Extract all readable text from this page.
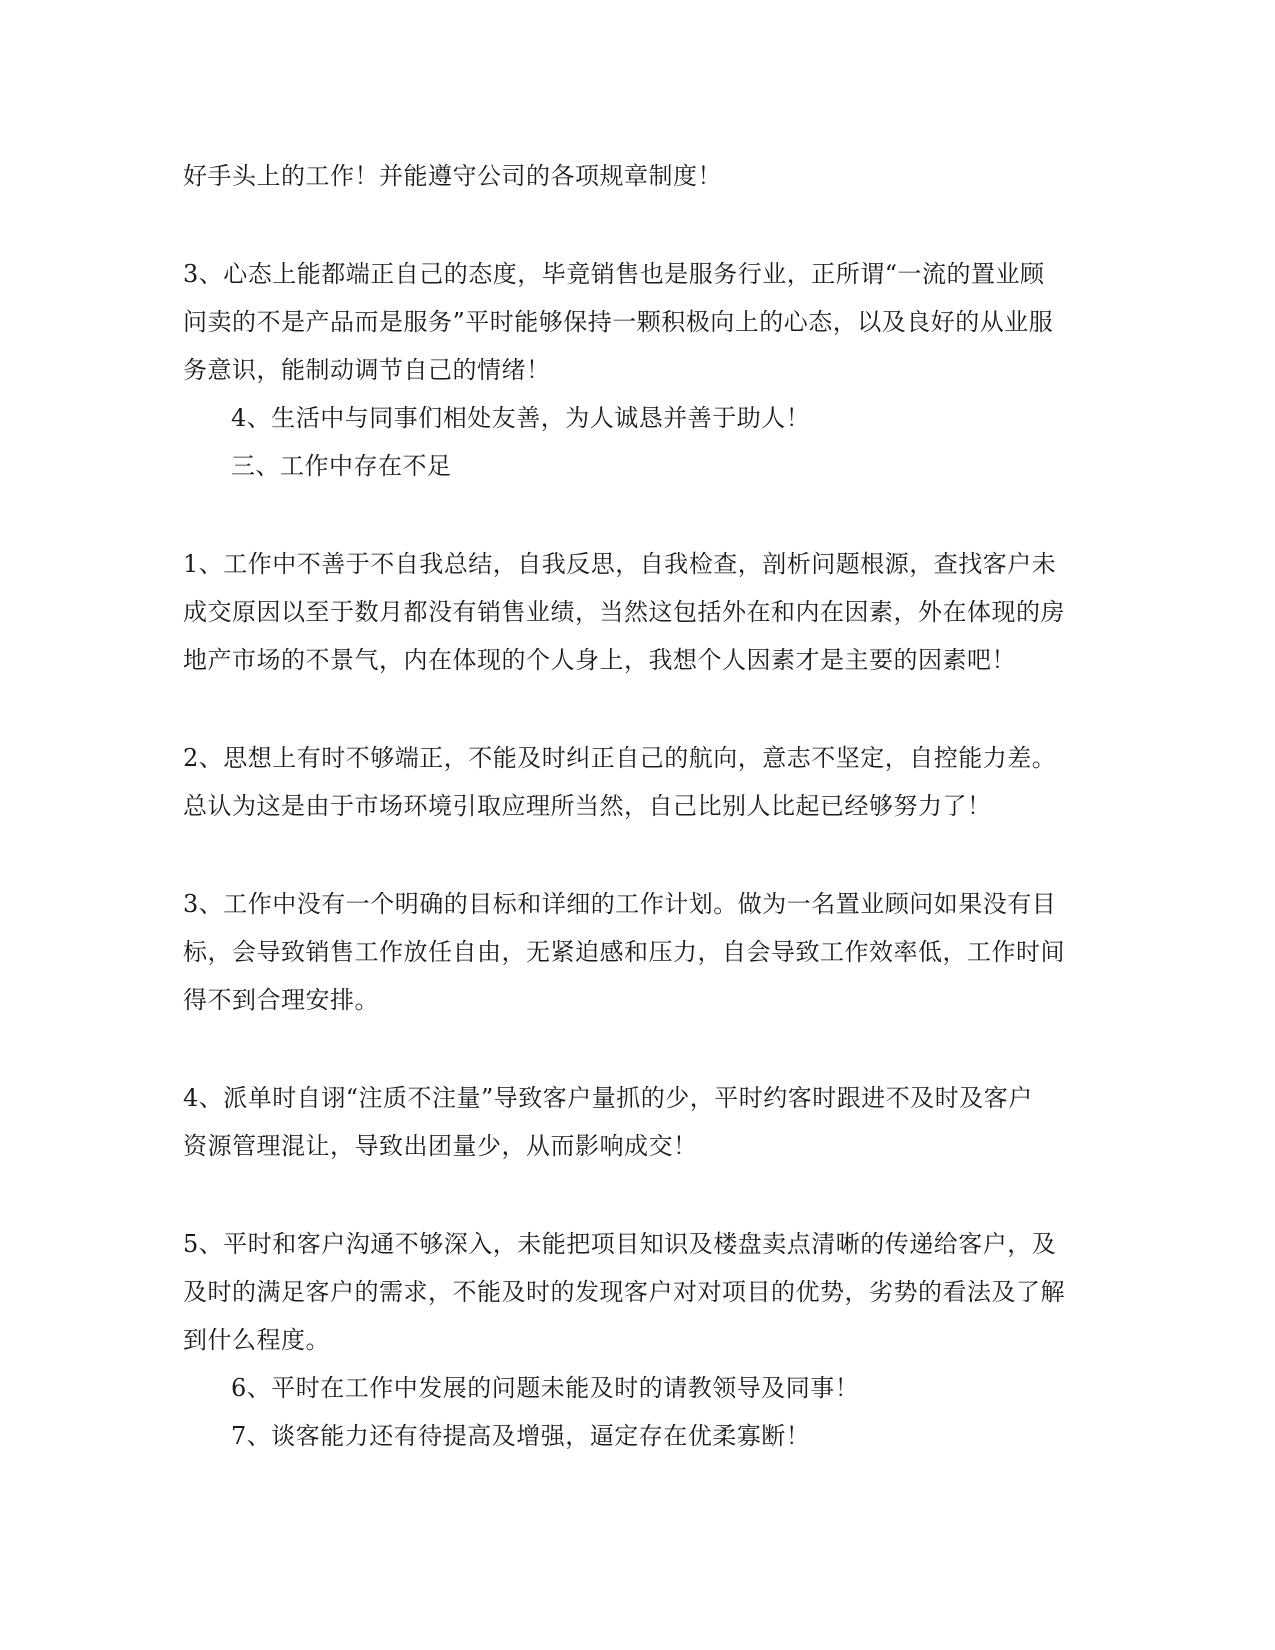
好手头上的工作！并能遵守公司的各项规章制度！

3、心态上能都端正自己的态度，毕竟销售也是服务行业，正所谓“一流的置业顾
问卖的不是产品而是服务”平时能够保持一颗积极向上的心态，以及良好的从业服
务意识，能制动调节自己的情绪！

4、生活中与同事们相处友善，为人诚恳并善于助人！

三、工作中存在不足

1、工作中不善于不自我总结，自我反思，自我检查，剖析问题根源，查找客户未
成交原因以至于数月都没有销售业绩，当然这包括外在和内在因素，外在体现的房
地产市场的不景气，内在体现的个人身上，我想个人因素才是主要的因素吧！

2、思想上有时不够端正，不能及时纠正自己的航向，意志不坚定，自控能力差。
总认为这是由于市场环境引取应理所当然，自己比别人比起已经够努力了！

3、工作中没有一个明确的目标和详细的工作计划。做为一名置业顾问如果没有目
标，会导致销售工作放任自由，无紧迫感和压力，自会导致工作效率低，工作时间
得不到合理安排。

4、派单时自诩“注质不注量”导致客户量抓的少，平时约客时跟进不及时及客户
资源管理混让，导致出团量少，从而影响成交！

5、平时和客户沟通不够深入，未能把项目知识及楼盘卖点清晰的传递给客户，及
及时的满足客户的需求，不能及时的发现客户对对项目的优势，劣势的看法及了解
到什么程度。

6、平时在工作中发展的问题未能及时的请教领导及同事！

7、谈客能力还有待提高及增强，逼定存在优柔寡断！
